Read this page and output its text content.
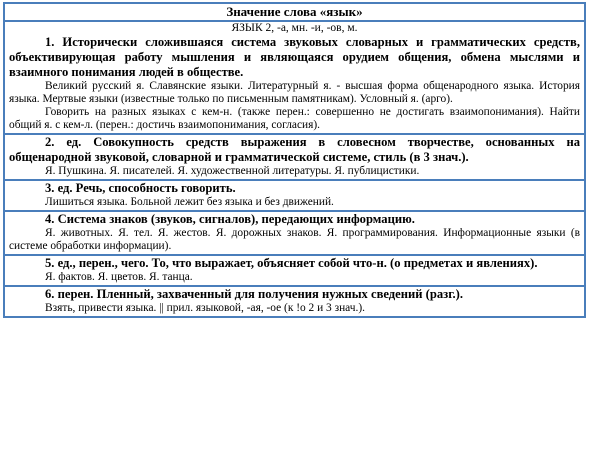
Значение слова «язык»
ЯЗЫК 2, -а, мн. -и, -ов, м.
1. Исторически сложившаяся система звуковых словарных и грамматических средств, объективирующая работу мышления и являющаяся орудием общения, обмена мыслями и взаимного понимания людей в обществе.
Великий русский я. Славянские языки. Литературный я. - высшая форма общенародного языка. История языка. Мертвые языки (известные только по письменным памятникам). Условный я. (арго).
Говорить на разных языках с кем-н. (также перен.: совершенно не достигать взаимопонимания). Найти общий я. с кем-л. (перен.: достичь взаимопонимания, согласия).
2. ед. Совокупность средств выражения в словесном творчестве, основанных на общенародной звуковой, словарной и грамматической системе, стиль (в 3 знач.).
Я. Пушкина. Я. писателей. Я. художественной литературы. Я. публицистики.
3. ед. Речь, способность говорить.
Лишиться языка. Больной лежит без языка и без движений.
4. Система знаков (звуков, сигналов), передающих информацию.
Я. животных. Я. тел. Я. жестов. Я. дорожных знаков. Я. программирования. Информационные языки (в системе обработки информации).
5. ед., перен., чего. То, что выражает, объясняет собой что-н. (о предметах и явлениях).
Я. фактов. Я. цветов. Я. танца.
6. перен. Пленный, захваченный для получения нужных сведений (разг.).
Взять, привести языка. || прил. языковой, -ая, -ое (к !о 2 и 3 знач.).
